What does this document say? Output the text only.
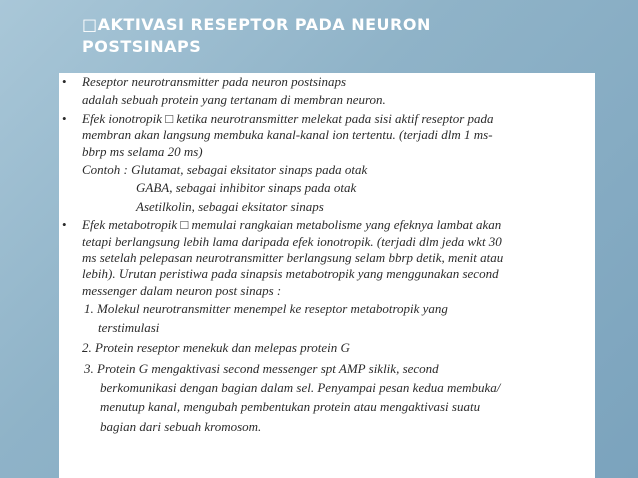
□AKTIVASI RESEPTOR PADA NEURON
POSTSINAPS
• Reseptor neurotransmitter pada neuron postsinaps
adalah sebuah protein yang tertanam di membran neuron.
• Efek ionotropik □ ketika neurotransmitter melekat pada sisi aktif reseptor pada
membran akan langsung membuka kanal-kanal ion tertentu. (terjadi dlm 1 ms-
bbrp ms selama 20 ms)
Contoh : Glutamat, sebagai eksitator sinaps pada otak
GABA, sebagai inhibitor sinaps pada otak
Asetilkolin, sebagai eksitator sinaps
• Efek metabotropik □ memulai rangkaian metabolisme yang efeknya lambat akan
tetapi berlangsung lebih lama daripada efek ionotropik. (terjadi dlm jeda wkt 30
ms setelah pelepasan neurotransmitter berlangsung selam bbrp detik, menit atau
lebih). Urutan peristiwa pada sinapsis metabotropik yang menggunakan second
messenger dalam neuron post sinaps :
1. Molekul neurotransmitter menempel ke reseptor metabotropik yang
terstimulasi
2. Protein reseptor menekuk dan melepas protein G
3. Protein G mengaktivasi second messenger spt AMP siklik, second
berkomunikasi dengan bagian dalam sel. Penyampai pesan kedua membuka/
menutup kanal, mengubah pembentukan protein atau mengaktivasi suatu
bagian dari sebuah kromosom.
